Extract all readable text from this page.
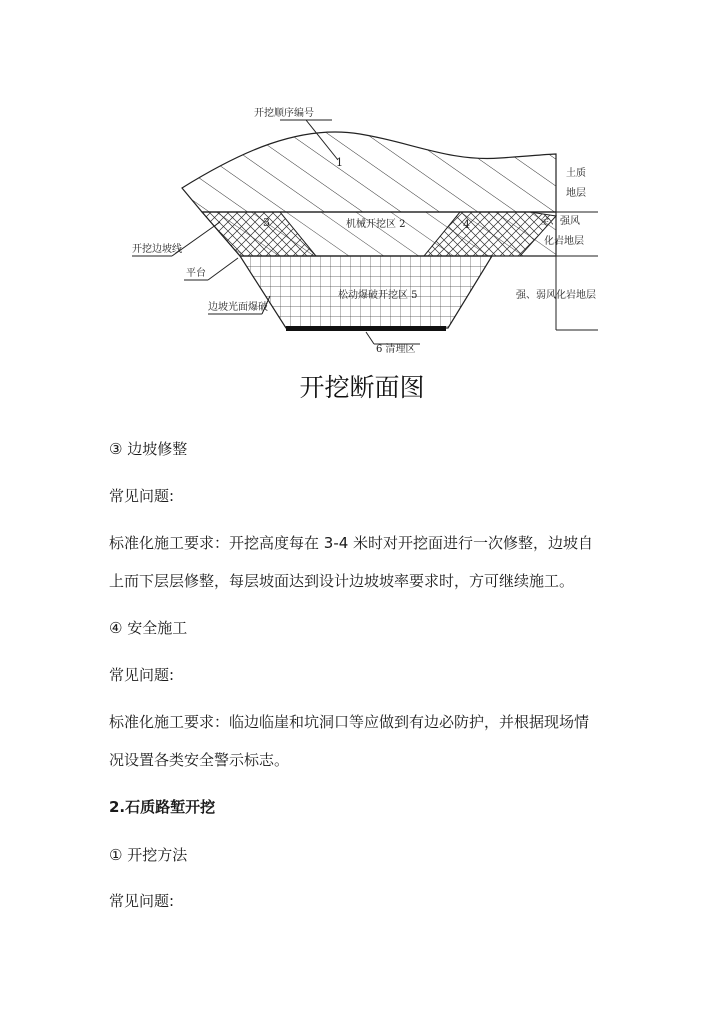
开挖顺序编号
1
机械开挖区 2
3	4
松动爆破开挖区 5
6 清理区
开挖边坡线
平台
边坡光面爆破
土质
地层
全、强风
化岩地层
强、弱风化岩地层
开挖断面图

③ 边坡修整

常见问题:

标准化施工要求：开挖高度每在 3-4 米时对开挖面进行一次修整，边坡自

上而下层层修整，每层坡面达到设计边坡坡率要求时，方可继续施工。

④ 安全施工

常见问题:

标准化施工要求：临边临崖和坑洞口等应做到有边必防护，并根据现场情

况设置各类安全警示标志。

2.石质路堑开挖

① 开挖方法

常见问题:
